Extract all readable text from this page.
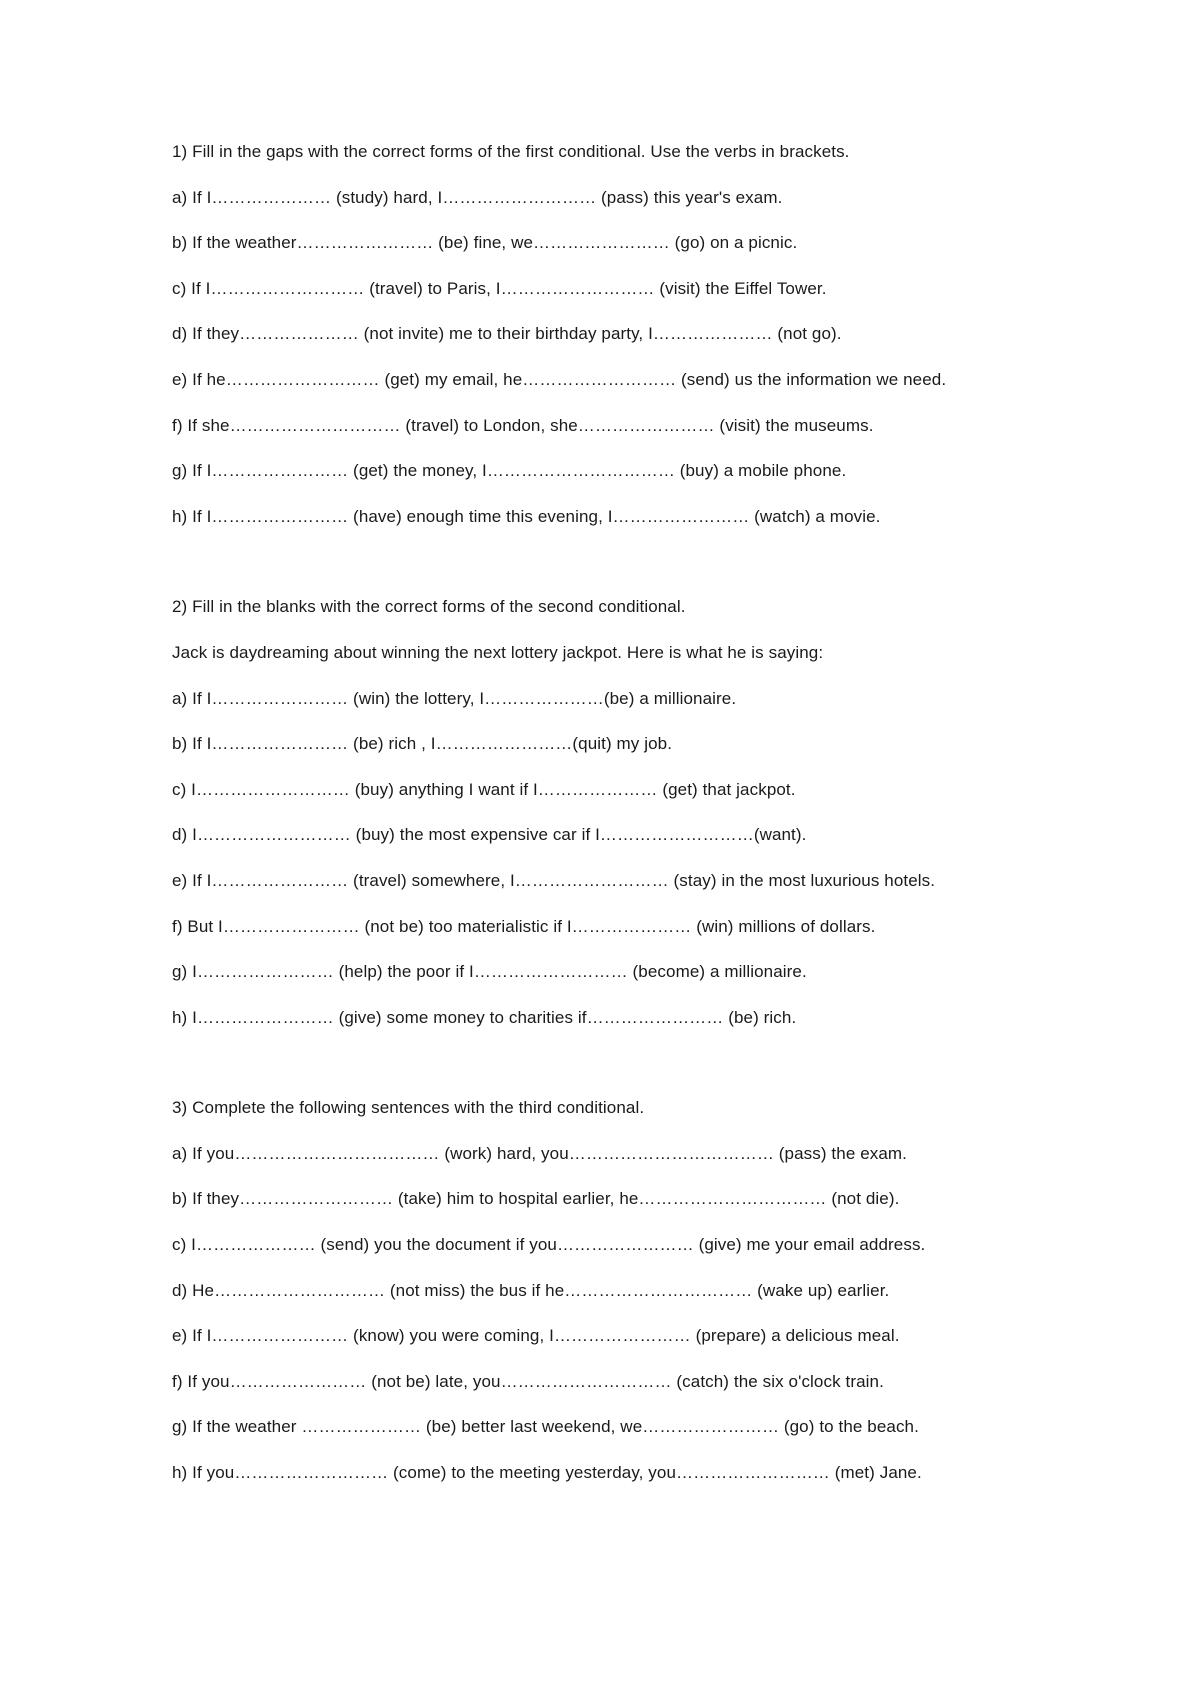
1) Fill in the gaps with the correct forms of the first conditional. Use the verbs in brackets.
a) If I………………… (study) hard, I……………………… (pass) this year's exam.
b) If the weather…………………… (be) fine, we…………………… (go) on a picnic.
c) If I……………………… (travel) to Paris, I……………………… (visit) the Eiffel Tower.
d) If they………………… (not invite) me to their birthday party, I………………… (not go).
e) If he……………………… (get) my email, he……………………… (send) us the information we need.
f) If she………………………… (travel) to London, she…………………… (visit) the museums.
g) If I…………………… (get) the money, I…………………………… (buy) a mobile phone.
h) If I…………………… (have) enough time this evening, I…………………… (watch) a movie.
2) Fill in the blanks with the correct forms of the second conditional.
Jack is daydreaming about winning the next lottery jackpot. Here is what he is saying:
a) If I…………………… (win) the lottery, I…………………(be) a millionaire.
b) If I…………………… (be) rich , I……………………(quit) my job.
c) I……………………… (buy) anything I want if I………………… (get) that jackpot.
d) I……………………… (buy) the most expensive car if I………………………(want).
e) If I…………………… (travel) somewhere, I……………………… (stay) in the most luxurious hotels.
f) But I…………………… (not be) too materialistic if I………………… (win) millions of dollars.
g) I…………………… (help) the poor if I……………………… (become) a millionaire.
h) I…………………… (give) some money to charities if…………………… (be) rich.
3) Complete the following sentences with the third conditional.
a) If you……………………………… (work) hard, you……………………………… (pass) the exam.
b) If they……………………… (take) him to hospital earlier, he…………………………… (not die).
c) I………………… (send) you the document if you…………………… (give) me your email address.
d) He………………………… (not miss) the bus if he…………………………… (wake up) earlier.
e) If I…………………… (know) you were coming, I…………………… (prepare) a delicious meal.
f) If you…………………… (not be) late, you………………………… (catch) the six o'clock train.
g) If the weather ………………… (be) better last weekend, we…………………… (go) to the beach.
h) If you……………………… (come) to the meeting yesterday, you……………………… (met) Jane.
